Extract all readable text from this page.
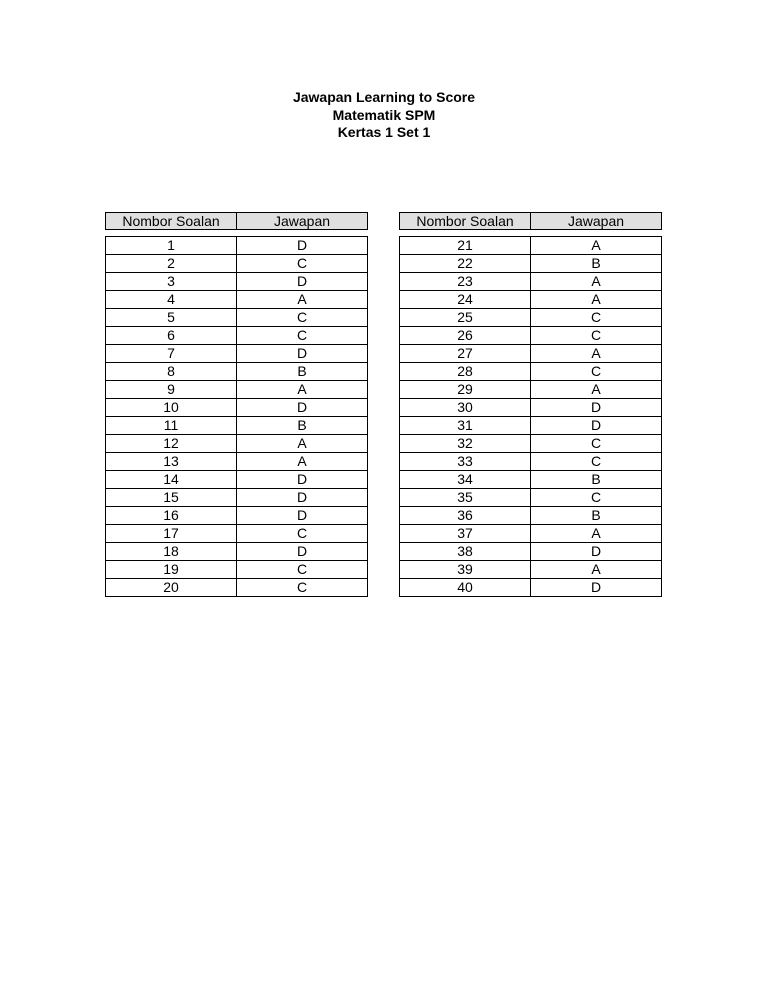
Jawapan Learning to Score
Matematik SPM
Kertas 1 Set 1
Nombor Soalan	Jawapan
1	D
2	C
3	D
4	A
5	C
6	C
7	D
8	B
9	A
10	D
11	B
12	A
13	A
14	D
15	D
16	D
17	C
18	D
19	C
20	C
Nombor Soalan	Jawapan
21	A
22	B
23	A
24	A
25	C
26	C
27	A
28	C
29	A
30	D
31	D
32	C
33	C
34	B
35	C
36	B
37	A
38	D
39	A
40	D
